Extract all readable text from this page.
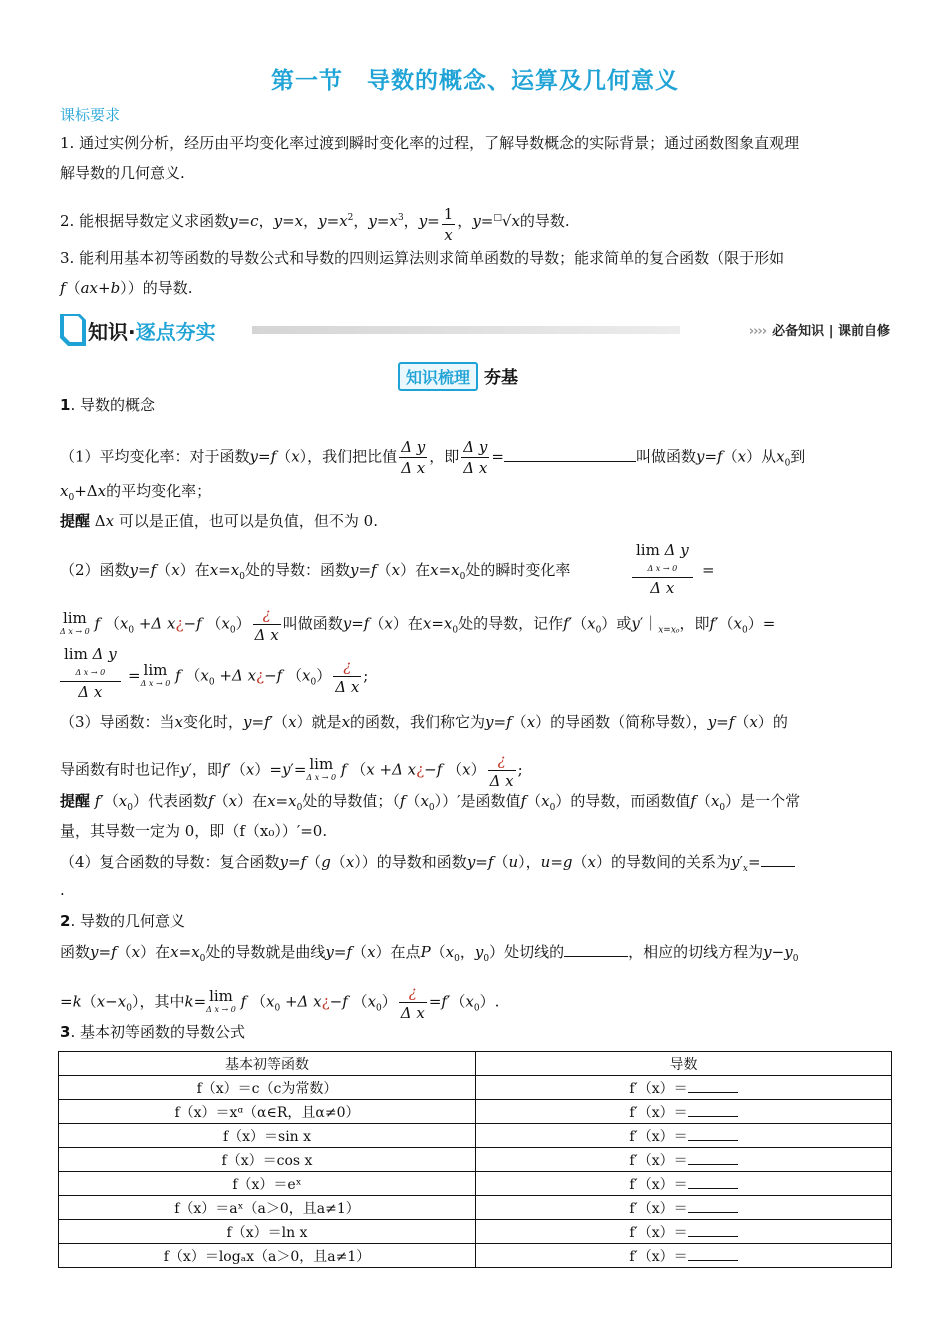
第一节　导数的概念、运算及几何意义
课标要求
1. 通过实例分析，经历由平均变化率过渡到瞬时变化率的过程，了解导数概念的实际背景；通过函数图象直观理
解导数的几何意义.
2. 能根据导数定义求函数y=c，y=x，$y=x^2$，$y=x^3$，$y= \frac{1}{x}$ ，y=□√x的导数.
3. 能利用基本初等函数的导数公式和导数的四则运算法则求简单函数的导数；能求简单的复合函数（限于形如
f（ax+b））的导数.
知识·逐点夯实	›››› 必备知识 | 课前自修
知识梳理 夯基
1. 导数的概念
（1）平均变化率：对于函数y=f（x），我们把比值 $\frac{\text{Δ y}}{\text{Δ x}}$ ，即 $\frac{\text{Δ y}}{\text{Δ x}}$ =	叫做函数y=f（x）从$x_0$到
$x_0+\Delta x$的平均变化率；
提醒 Δx 可以是正值，也可以是负值，但不为 0.
（2）函数y=f（x）在$x=x_0$处的导数：函数y=f（x）在$x=x_0$处的瞬时变化率
lim Δ y
Δ x → 0
Δ x
=
lim
Δ x → 0 f （$x_0 +\Delta$ x¿−f $(x_0) \frac{¿}{\text{Δ x}}$ 叫做函数y=f（x）在$x=x_0$处的导数，记作$f'(x_0)$或$y'|_{x=x_0}$，即$f'(x_0)=$
lim Δ y
Δ x → 0
Δ x
= lim
Δ x → 0 f （$x_0 +\Delta$ x¿−f $(x_0) \frac{¿}{\text{Δ x}}$ ;
（3）导函数：当x变化时，y=f′（x）就是x的函数，我们称它为y=f（x）的导函数（简称导数），y=f（x）的
导函数有时也记作y′，即f′（x）=y′= lim
Δ x → 0 f （x +Δ x¿−f $(x) \frac{¿}{\text{Δ x}}$ ;
提醒 $f'(x_0)$代表函数f（x）在$x=x_0$处的导数值；$(f(x_0))'$是函数值$f(x_0)$的导数，而函数值$f(x_0)$是一个常
量，其导数一定为 0，即（f（x₀））′=0.
（4）复合函数的导数：复合函数y=f（g（x））的导数和函数y=f（u），u=g（x）的导数间的关系为$y'_x=$
.
2. 导数的几何意义
函数y=f（x）在$x=x_0$处的导数就是曲线y=f（x）在点$P(x_0$，$y_0$）处切线的	，相应的切线方程为$y-y_0$
$=k(x-x_0)$，其中k= lim
Δ x → 0 f （$x_0 +\Delta$ x¿−f $(x_0) \frac{¿}{\text{Δ x}} =f'(x_0)$.
3. 基本初等函数的导数公式
基本初等函数	导数
f（x）＝c（c为常数）	f′（x）＝
f（x）＝xᵅ（α∈R，且α≠0）	f′（x）＝
f（x）＝sin x	f′（x）＝
f（x）＝cos x	f′（x）＝
f（x）＝eˣ	f′（x）＝
f（x）＝aˣ（a＞0，且a≠1）	f′（x）＝
f（x）＝ln x	f′（x）＝
f（x）＝logₐx（a＞0，且a≠1）	f′（x）＝
